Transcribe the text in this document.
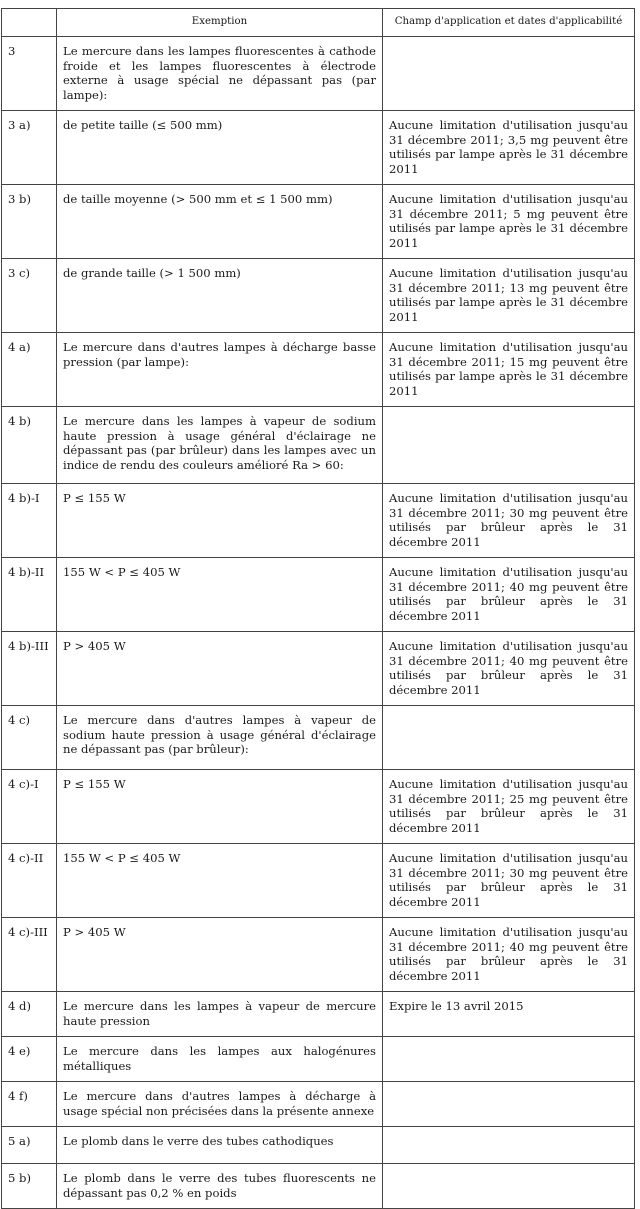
	Exemption	Champ d'application et dates d'applicabilité
3	Le mercure dans les lampes fluorescentes à cathode froide et les lampes fluorescentes à électrode externe à usage spécial ne dépassant pas (par lampe):	
3 a)	de petite taille (≤ 500 mm)	Aucune limitation d'utilisation jusqu'au 31 décembre 2011; 3,5 mg peuvent être utilisés par lampe après le 31 décembre 2011
3 b)	de taille moyenne (> 500 mm et ≤ 1 500 mm)	Aucune limitation d'utilisation jusqu'au 31 décembre 2011; 5 mg peuvent être utilisés par lampe après le 31 décembre 2011
3 c)	de grande taille (> 1 500 mm)	Aucune limitation d'utilisation jusqu'au 31 décembre 2011; 13 mg peuvent être utilisés par lampe après le 31 décembre 2011
4 a)	Le mercure dans d'autres lampes à décharge basse pression (par lampe):	Aucune limitation d'utilisation jusqu'au 31 décembre 2011; 15 mg peuvent être utilisés par lampe après le 31 décembre 2011
4 b)	Le mercure dans les lampes à vapeur de sodium haute pression à usage général d'éclairage ne dépassant pas (par brûleur) dans les lampes avec un indice de rendu des couleurs amélioré Ra > 60:	
4 b)-I	P ≤ 155 W	Aucune limitation d'utilisation jusqu'au 31 décembre 2011; 30 mg peuvent être utilisés par brûleur après le 31 décembre 2011
4 b)-II	155 W < P ≤ 405 W	Aucune limitation d'utilisation jusqu'au 31 décembre 2011; 40 mg peuvent être utilisés par brûleur après le 31 décembre 2011
4 b)-III	P > 405 W	Aucune limitation d'utilisation jusqu'au 31 décembre 2011; 40 mg peuvent être utilisés par brûleur après le 31 décembre 2011
4 c)	Le mercure dans d'autres lampes à vapeur de sodium haute pression à usage général d'éclairage ne dépassant pas (par brûleur):	
4 c)-I	P ≤ 155 W	Aucune limitation d'utilisation jusqu'au 31 décembre 2011; 25 mg peuvent être utilisés par brûleur après le 31 décembre 2011
4 c)-II	155 W < P ≤ 405 W	Aucune limitation d'utilisation jusqu'au 31 décembre 2011; 30 mg peuvent être utilisés par brûleur après le 31 décembre 2011
4 c)-III	P > 405 W	Aucune limitation d'utilisation jusqu'au 31 décembre 2011; 40 mg peuvent être utilisés par brûleur après le 31 décembre 2011
4 d)	Le mercure dans les lampes à vapeur de mercure haute pression	Expire le 13 avril 2015
4 e)	Le mercure dans les lampes aux halogénures métalliques	
4 f)	Le mercure dans d'autres lampes à décharge à usage spécial non précisées dans la présente annexe	
5 a)	Le plomb dans le verre des tubes cathodiques	
5 b)	Le plomb dans le verre des tubes fluorescents ne dépassant pas 0,2 % en poids	
